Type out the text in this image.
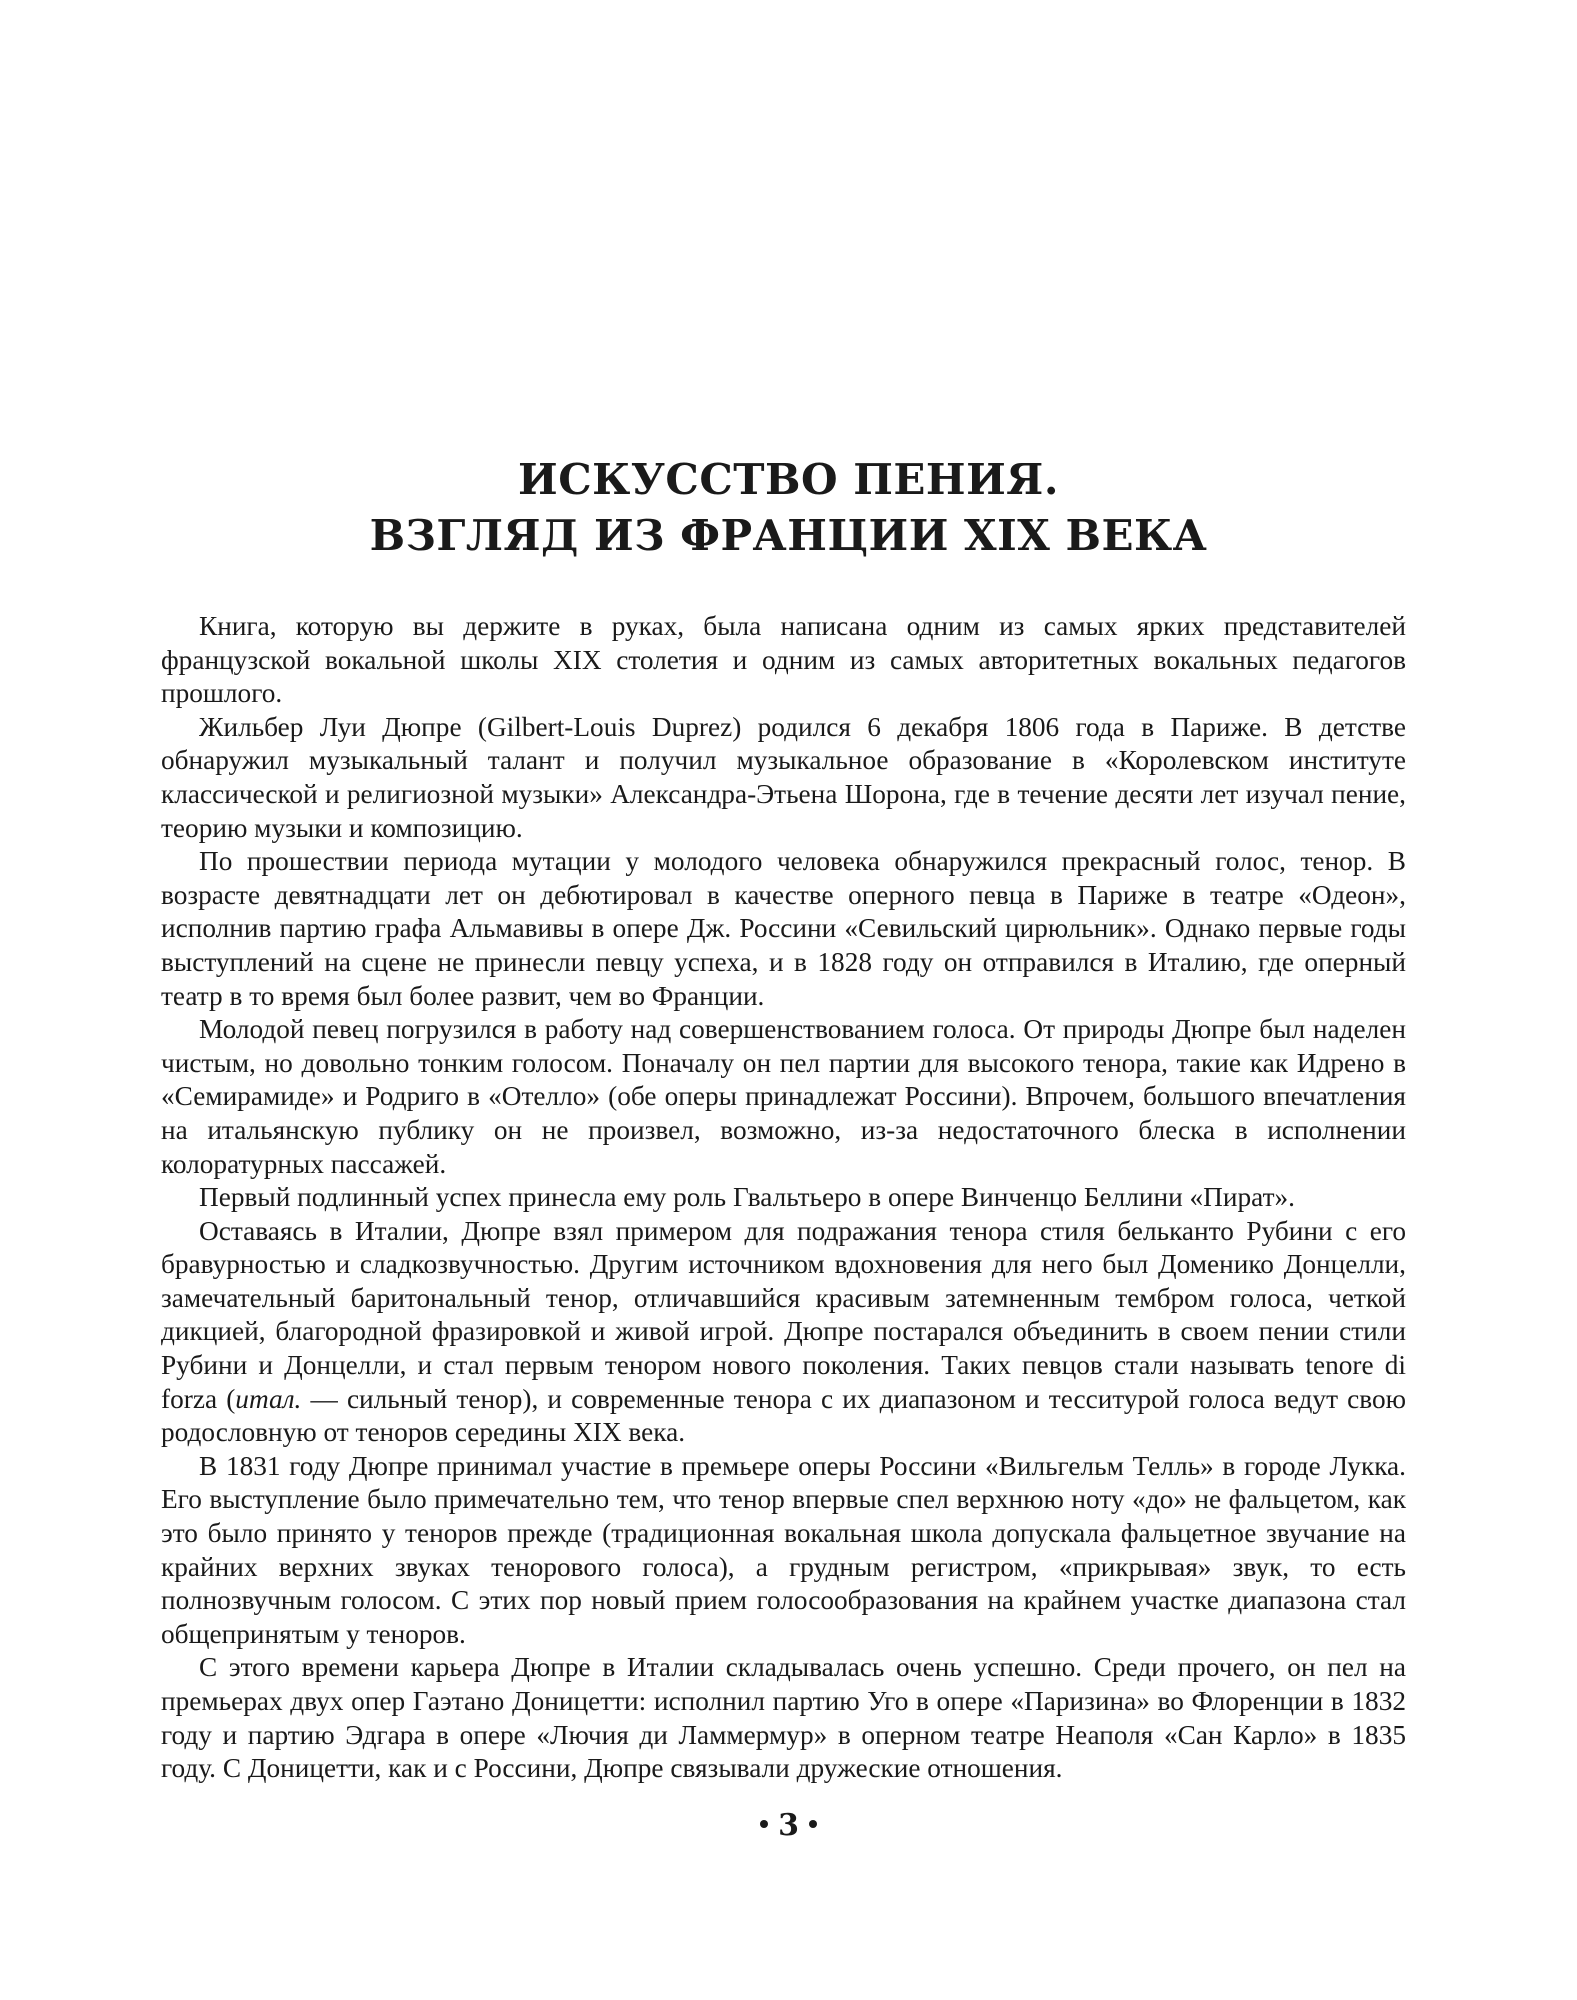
ИСКУССТВО ПЕНИЯ.
ВЗГЛЯД ИЗ ФРАНЦИИ XIX ВЕКА

Книга, которую вы держите в руках, была написана одним из самых ярких представителей французской вокальной школы XIX столетия и одним из самых авторитетных вокальных педагогов прошлого.

Жильбер Луи Дюпре (Gilbert-Louis Duprez) родился 6 декабря 1806 года в Париже. В детстве обнаружил музыкальный талант и получил музыкальное образование в «Королевском институте классической и религиозной музыки» Александра-Этьена Шорона, где в течение десяти лет изучал пение, теорию музыки и композицию.

По прошествии периода мутации у молодого человека обнаружился прекрасный голос, тенор. В возрасте девятнадцати лет он дебютировал в качестве оперного певца в Париже в театре «Одеон», исполнив партию графа Альмавивы в опере Дж. Россини «Севильский цирюльник». Однако первые годы выступлений на сцене не принесли певцу успеха, и в 1828 году он отправился в Италию, где оперный театр в то время был более развит, чем во Франции.

Молодой певец погрузился в работу над совершенствованием голоса. От природы Дюпре был наделен чистым, но довольно тонким голосом. Поначалу он пел партии для высокого тенора, такие как Идрено в «Семирамиде» и Родриго в «Отелло» (обе оперы принадлежат Россини). Впрочем, большого впечатления на итальянскую публику он не произвел, возможно, из-за недостаточного блеска в исполнении колоратурных пассажей.

Первый подлинный успех принесла ему роль Гвальтьеро в опере Винченцо Беллини «Пират».

Оставаясь в Италии, Дюпре взял примером для подражания тенора стиля бельканто Рубини с его бравурностью и сладкозвучностью. Другим источником вдохновения для него был Доменико Донцелли, замечательный баритональный тенор, отличавшийся красивым затемненным тембром голоса, четкой дикцией, благородной фразировкой и живой игрой. Дюпре постарался объединить в своем пении стили Рубини и Донцелли, и стал первым тенором нового поколения. Таких певцов стали называть tenore di forza (итал. — сильный тенор), и современные тенора с их диапазоном и тесситурой голоса ведут свою родословную от теноров середины XIX века.

В 1831 году Дюпре принимал участие в премьере оперы Россини «Вильгельм Телль» в городе Лукка. Его выступление было примечательно тем, что тенор впервые спел верхнюю ноту «до» не фальцетом, как это было принято у теноров прежде (традиционная вокальная школа допускала фальцетное звучание на крайних верхних звуках тенорового голоса), а грудным регистром, «прикрывая» звук, то есть полнозвучным голосом. С этих пор новый прием голосообразования на крайнем участке диапазона стал общепринятым у теноров.

С этого времени карьера Дюпре в Италии складывалась очень успешно. Среди прочего, он пел на премьерах двух опер Гаэтано Доницетти: исполнил партию Уго в опере «Паризина» во Флоренции в 1832 году и партию Эдгара в опере «Лючия ди Ламмермур» в оперном театре Неаполя «Сан Карло» в 1835 году. С Доницетти, как и с Россини, Дюпре связывали дружеские отношения.

3
